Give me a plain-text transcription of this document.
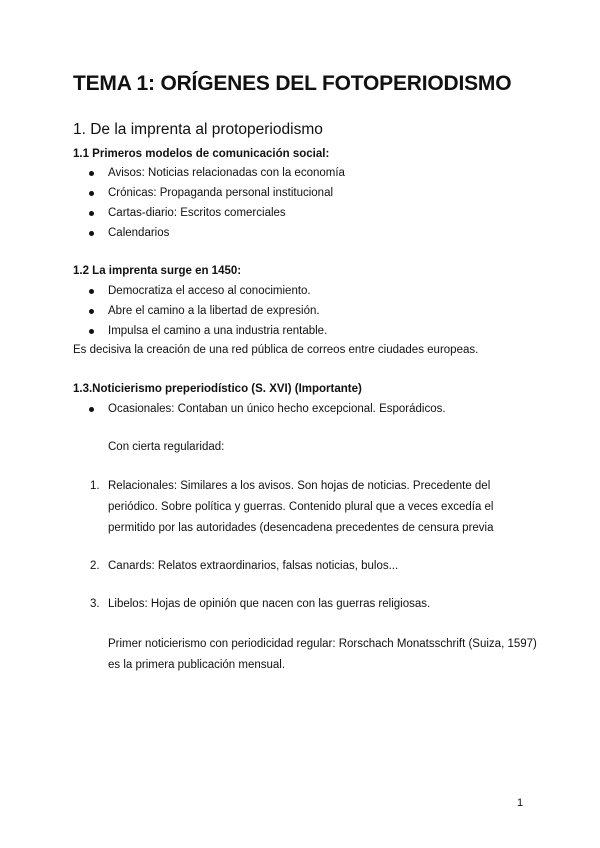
TEMA 1: ORÍGENES DEL FOTOPERIODISMO
1. De la imprenta al protoperiodismo
1.1 Primeros modelos de comunicación social:
Avisos: Noticias relacionadas con la economía
Crónicas: Propaganda personal institucional
Cartas-diario: Escritos comerciales
Calendarios
1.2 La imprenta surge en 1450:
Democratiza el acceso al conocimiento.
Abre el camino a la libertad de expresión.
Impulsa el camino a una industria rentable.

Es decisiva la creación de una red pública de correos entre ciudades europeas.

1.3.Noticierismo preperiodístico (S. XVI) (Importante)
Ocasionales: Contaban un único hecho excepcional. Esporádicos.

Con cierta regularidad:

1. Relacionales: Similares a los avisos. Son hojas de noticias. Precedente del
periódico. Sobre política y guerras. Contenido plural que a veces excedía el
permitido por las autoridades (desencadena precedentes de censura previa
2. Canards: Relatos extraordinarios, falsas noticias, bulos...
3. Libelos: Hojas de opinión que nacen con las guerras religiosas.
Primer noticierismo con periodicidad regular: Rorschach Monatsschrift (Suiza, 1597)
es la primera publicación mensual.
1
